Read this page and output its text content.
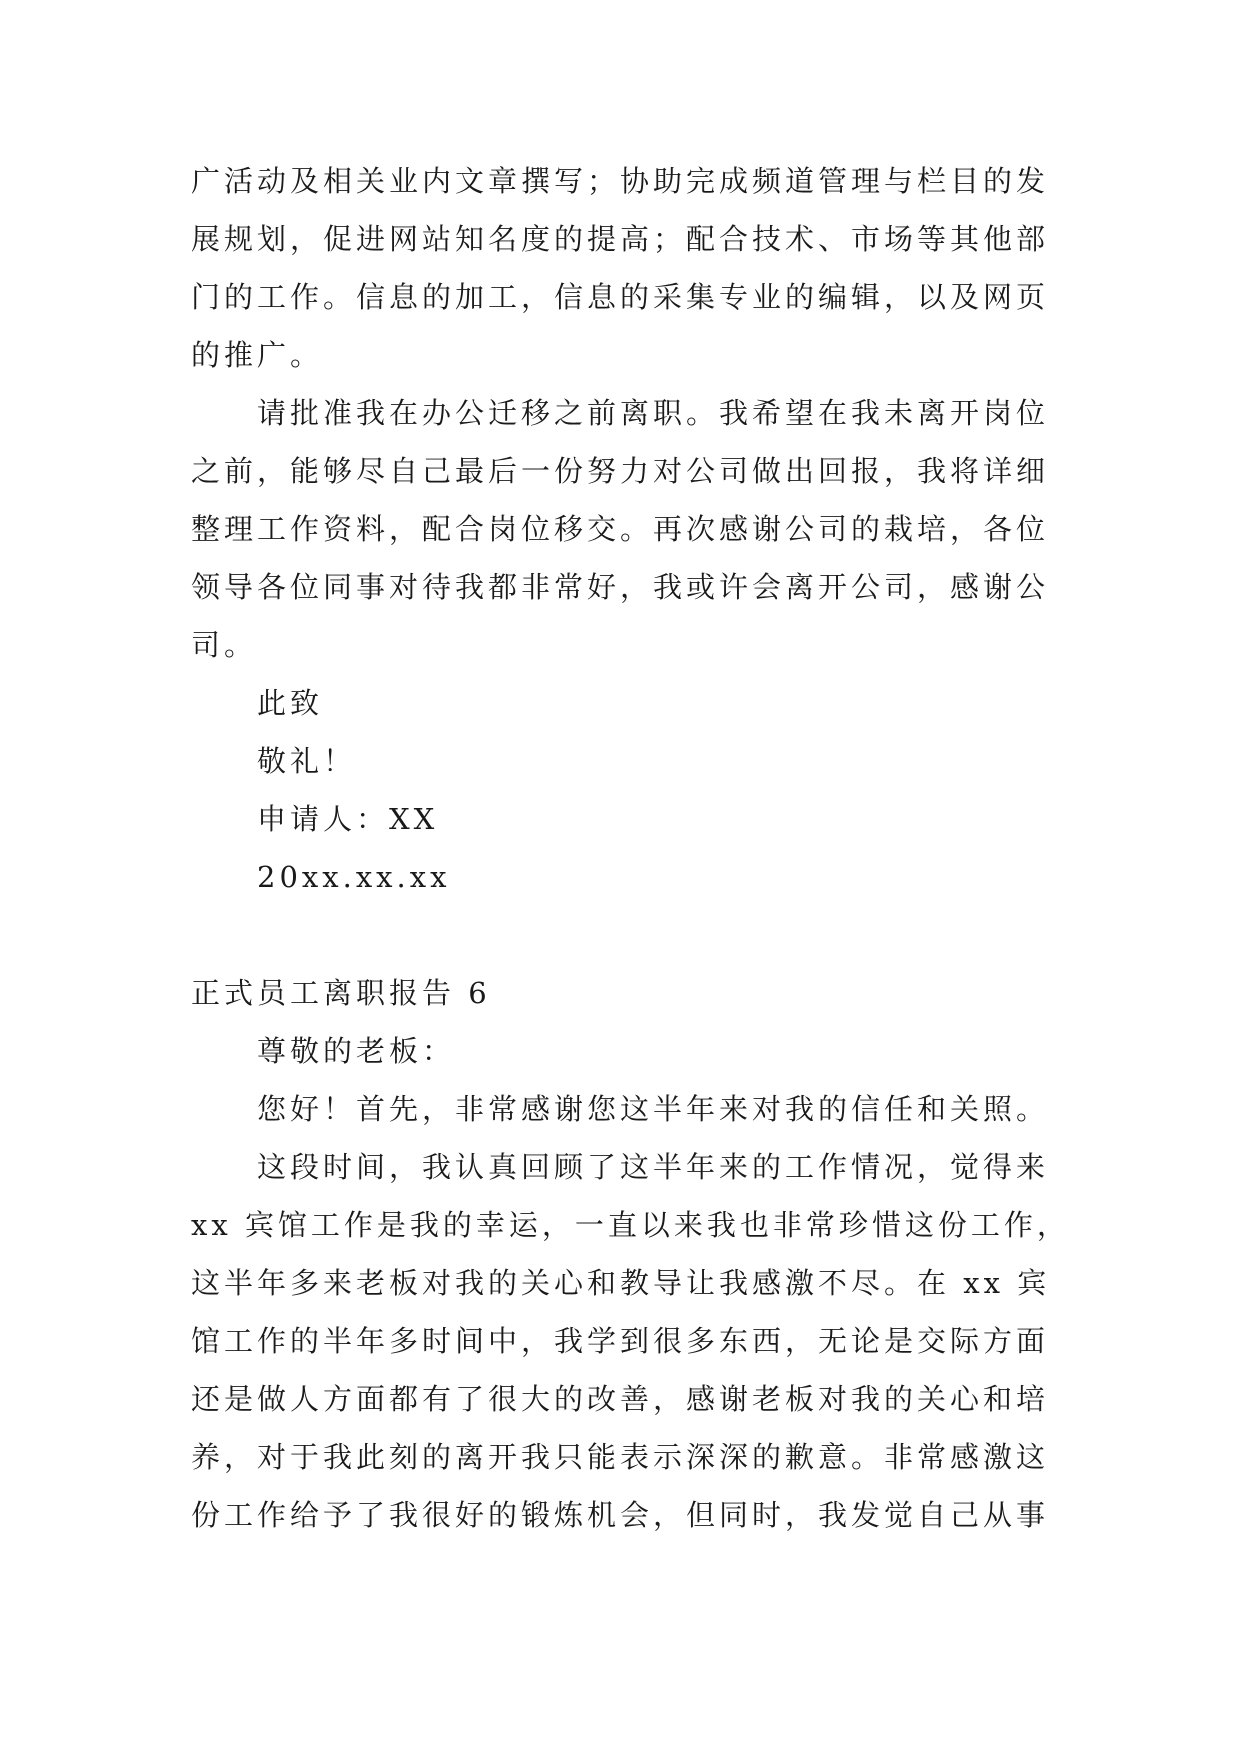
广活动及相关业内文章撰写；协助完成频道管理与栏目的发
展规划，促进网站知名度的提高；配合技术、市场等其他部
门的工作。信息的加工，信息的采集专业的编辑，以及网页
的推广。
请批准我在办公迁移之前离职。我希望在我未离开岗位
之前，能够尽自己最后一份努力对公司做出回报，我将详细
整理工作资料，配合岗位移交。再次感谢公司的栽培，各位
领导各位同事对待我都非常好，我或许会离开公司，感谢公
司。
此致
敬礼！
申请人：XX
20xx.xx.xx
正式员工离职报告 6
尊敬的老板：
您好！首先，非常感谢您这半年来对我的信任和关照。
这段时间，我认真回顾了这半年来的工作情况，觉得来
xx 宾馆工作是我的幸运，一直以来我也非常珍惜这份工作，
这半年多来老板对我的关心和教导让我感激不尽。在 xx 宾
馆工作的半年多时间中，我学到很多东西，无论是交际方面
还是做人方面都有了很大的改善，感谢老板对我的关心和培
养，对于我此刻的离开我只能表示深深的歉意。非常感激这
份工作给予了我很好的锻炼机会，但同时，我发觉自己从事
